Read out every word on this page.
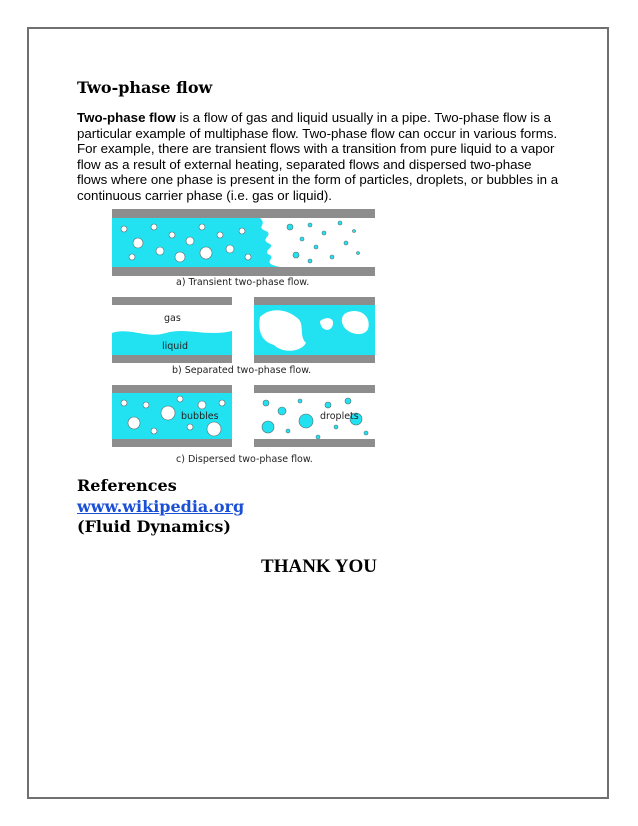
Two-phase flow

Two-phase flow is a flow of gas and liquid usually in a pipe. Two-phase flow is a particular example of multiphase flow. Two-phase flow can occur in various forms. For example, there are transient flows with a transition from pure liquid to a vapor flow as a result of external heating, separated flows and dispersed two-phase flows where one phase is present in the form of particles, droplets, or bubbles in a continuous carrier phase (i.e. gas or liquid).

a) Transient two-phase flow.
gas
liquid
b) Separated two-phase flow.
bubbles	droplets
c) Dispersed two-phase flow.
References
www.wikipedia.org
(Fluid Dynamics)
THANK YOU
